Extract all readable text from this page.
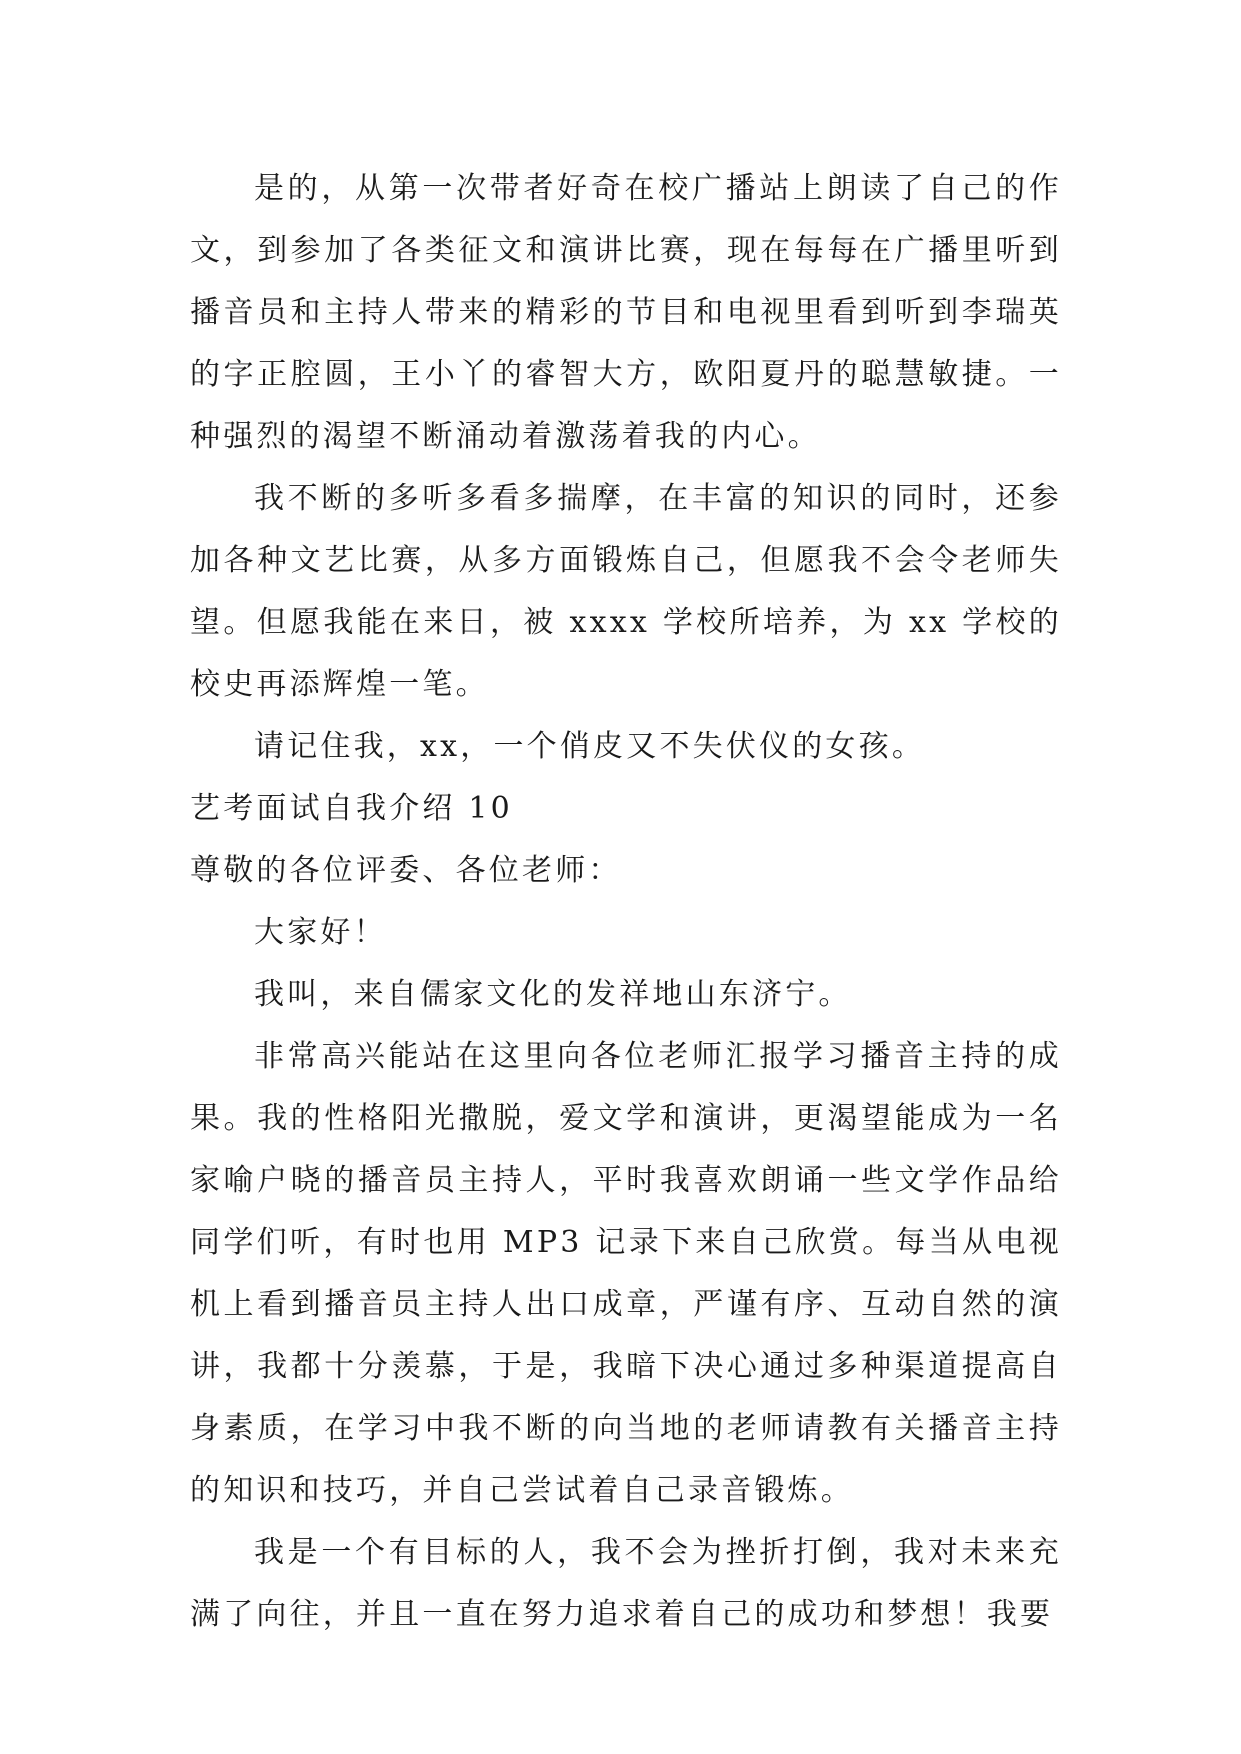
是的，从第一次带者好奇在校广播站上朗读了自己的作文，到参加了各类征文和演讲比赛，现在每每在广播里听到播音员和主持人带来的精彩的节目和电视里看到听到李瑞英的字正腔圆，王小丫的睿智大方，欧阳夏丹的聪慧敏捷。一种强烈的渴望不断涌动着激荡着我的内心。

我不断的多听多看多揣摩，在丰富的知识的同时，还参加各种文艺比赛，从多方面锻炼自己，但愿我不会令老师失望。但愿我能在来日，被 xxxx 学校所培养，为 xx 学校的校史再添辉煌一笔。

请记住我，xx，一个俏皮又不失伏仪的女孩。

艺考面试自我介绍 10

尊敬的各位评委、各位老师：

大家好！

我叫，来自儒家文化的发祥地山东济宁。

非常高兴能站在这里向各位老师汇报学习播音主持的成果。我的性格阳光撒脱，爱文学和演讲，更渴望能成为一名家喻户晓的播音员主持人，平时我喜欢朗诵一些文学作品给同学们听，有时也用 MP3 记录下来自己欣赏。每当从电视机上看到播音员主持人出口成章，严谨有序、互动自然的演讲，我都十分羡慕，于是，我暗下决心通过多种渠道提高自身素质，在学习中我不断的向当地的老师请教有关播音主持的知识和技巧，并自己尝试着自己录音锻炼。

我是一个有目标的人，我不会为挫折打倒，我对未来充满了向往，并且一直在努力追求着自己的成功和梦想！我要
